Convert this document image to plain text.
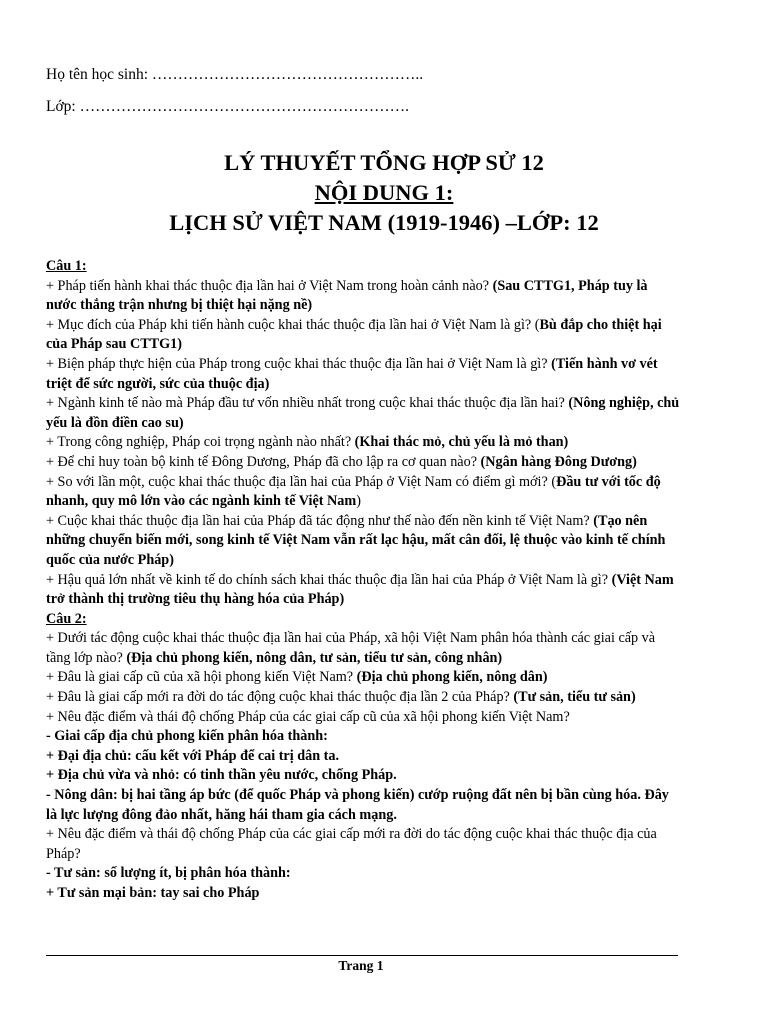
Họ tên học sinh: ……………………………………………..
Lớp: ……………………………………………………….
LÝ THUYẾT TỔNG HỢP SỬ 12
NỘI DUNG 1:
LỊCH SỬ VIỆT NAM (1919-1946) –LỚP: 12

Câu 1:

+ Pháp tiến hành khai thác thuộc địa lần hai ở Việt Nam trong hoàn cảnh nào? (Sau CTTG1, Pháp tuy là nước thắng trận nhưng bị thiệt hại nặng nề)

+ Mục đích của Pháp khi tiến hành cuộc khai thác thuộc địa lần hai ở Việt Nam là gì? (Bù đắp cho thiệt hại của Pháp sau CTTG1)

+ Biện pháp thực hiện của Pháp trong cuộc khai thác thuộc địa lần hai ở Việt Nam là gì? (Tiến hành vơ vét triệt để sức người, sức của thuộc địa)

+ Ngành kinh tế nào mà Pháp đầu tư vốn nhiều nhất trong cuộc khai thác thuộc địa lần hai? (Nông nghiệp, chủ yếu là đồn điền cao su)

+ Trong công nghiệp, Pháp coi trọng ngành nào nhất? (Khai thác mỏ, chủ yếu là mỏ than)

+ Để chỉ huy toàn bộ kinh tế Đông Dương, Pháp đã cho lập ra cơ quan nào? (Ngân hàng Đông Dương)

+ So với lần một, cuộc khai thác thuộc địa lần hai của Pháp ở Việt Nam có điểm gì mới? (Đầu tư với tốc độ nhanh, quy mô lớn vào các ngành kinh tế Việt Nam)

+ Cuộc khai thác thuộc địa lần hai của Pháp đã tác động như thế nào đến nền kinh tế Việt Nam? (Tạo nên những chuyển biến mới, song kinh tế Việt Nam vẫn rất lạc hậu, mất cân đối, lệ thuộc vào kinh tế chính quốc của nước Pháp)

+ Hậu quả lớn nhất về kinh tế do chính sách khai thác thuộc địa lần hai của Pháp ở Việt Nam là gì? (Việt Nam trở thành thị trường tiêu thụ hàng hóa của Pháp)

Câu 2:

+ Dưới tác động cuộc khai thác thuộc địa lần hai của Pháp, xã hội Việt Nam phân hóa thành các giai cấp và tầng lớp nào? (Địa chủ phong kiến, nông dân, tư sản, tiểu tư sản, công nhân)

+ Đâu là giai cấp cũ của xã hội phong kiến Việt Nam? (Địa chủ phong kiến, nông dân)

+ Đâu là giai cấp mới ra đời do tác động cuộc khai thác thuộc địa lần 2 của Pháp? (Tư sản, tiểu tư sản)

+ Nêu đặc điểm và thái độ chống Pháp của các giai cấp cũ của xã hội phong kiến Việt Nam?

- Giai cấp địa chủ phong kiến phân hóa thành:

+ Đại địa chủ: cấu kết với Pháp để cai trị dân ta.

+ Địa chủ vừa và nhỏ: có tinh thần yêu nước, chống Pháp.

- Nông dân: bị hai tầng áp bức (để quốc Pháp và phong kiến) cướp ruộng đất nên bị bần cùng hóa. Đây là lực lượng đông đảo nhất, hăng hái tham gia cách mạng.

+ Nêu đặc điểm và thái độ chống Pháp của các giai cấp mới ra đời do tác động cuộc khai thác thuộc địa của Pháp?

- Tư sản: số lượng ít, bị phân hóa thành:

+ Tư sản mại bản: tay sai cho Pháp

Trang 1
